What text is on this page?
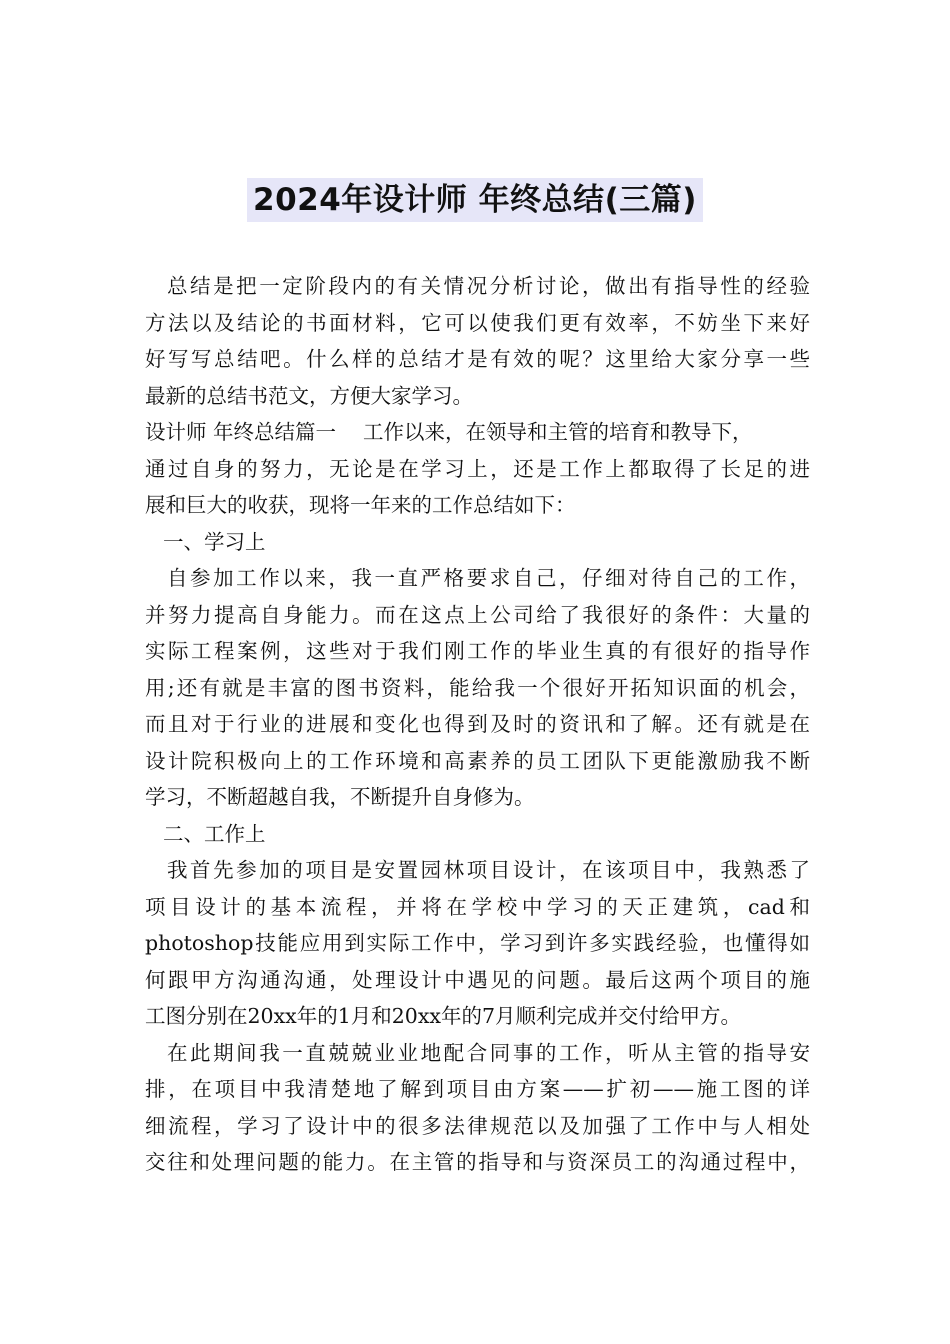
2024年设计师 年终总结(三篇)
总结是把一定阶段内的有关情况分析讨论，做出有指导性的经验
方法以及结论的书面材料，它可以使我们更有效率，不妨坐下来好
好写写总结吧。什么样的总结才是有效的呢？这里给大家分享一些
最新的总结书范文，方便大家学习。
设计师 年终总结篇一　 工作以来，在领导和主管的培育和教导下，
通过自身的努力，无论是在学习上，还是工作上都取得了长足的进
展和巨大的收获，现将一年来的工作总结如下：
一、学习上
自参加工作以来，我一直严格要求自己，仔细对待自己的工作，
并努力提高自身能力。而在这点上公司给了我很好的条件：大量的
实际工程案例，这些对于我们刚工作的毕业生真的有很好的指导作
用;还有就是丰富的图书资料，能给我一个很好开拓知识面的机会，
而且对于行业的进展和变化也得到及时的资讯和了解。还有就是在
设计院积极向上的工作环境和高素养的员工团队下更能激励我不断
学习，不断超越自我，不断提升自身修为。
二、工作上
我首先参加的项目是安置园林项目设计，在该项目中，我熟悉了
项目设计的基本流程，并将在学校中学习的天正建筑，cad和
photoshop技能应用到实际工作中，学习到许多实践经验，也懂得如
何跟甲方沟通沟通，处理设计中遇见的问题。最后这两个项目的施
工图分别在20xx年的1月和20xx年的7月顺利完成并交付给甲方。
在此期间我一直兢兢业业地配合同事的工作，听从主管的指导安
排，在项目中我清楚地了解到项目由方案——扩初——施工图的详
细流程，学习了设计中的很多法律规范以及加强了工作中与人相处
交往和处理问题的能力。在主管的指导和与资深员工的沟通过程中，
